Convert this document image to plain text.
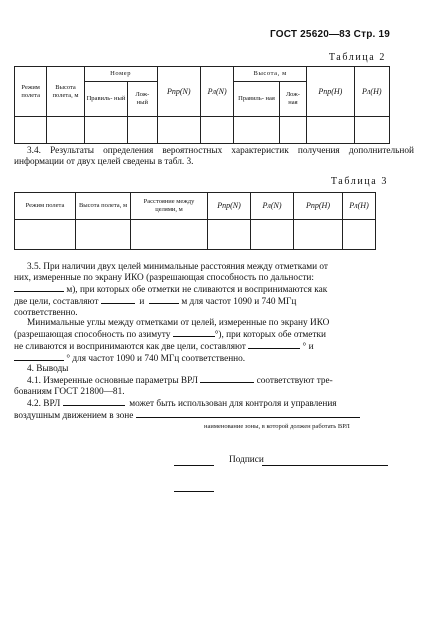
ГОСТ 25620—83 Стр. 19
Таблица 2
Режим полета	Высота полета, м	Номер		Pпр(N)	Pл(N)	Высота, м		Pпр(H)	Pл(H)
		Правиль- ный	Лож- ный			Правиль- ная	Лож- ная		

3.4. Результаты определения вероятностных характеристик получения дополнительной информации от двух целей сведены в табл. 3.
Таблица 3
Режим полета	Высота полета, м	Расстояние между целями, м	Pпр(N)	Pл(N)	Pпр(H)	Pл(H)

3.5. При наличии двух целей минимальные расстояния между отметками от
них, измеренные по экрану ИКО (разрешающая способность по дальности:
м), при которых обе отметки не сливаются и воспринимаются как
две цели, составляют	и	м для частот 1090 и 740 МГц
соответственно.
Минимальные углы между отметками от целей, измеренные по экрану ИКО
(разрешающая способность по азимуту	°), при которых обе отметки
не сливаются и воспринимаются как две цели, составляют	° и
° для частот 1090 и 740 МГц соответственно.
4. Выводы
4.1. Измеренные основные параметры ВРЛ	соответствуют тре-
бованиям ГОСТ 21800—81.
4.2. ВРЛ	может быть использован для контроля и управления
воздушным движением в зоне
наименование зоны, в которой должен работать ВРЛ
Подписи
